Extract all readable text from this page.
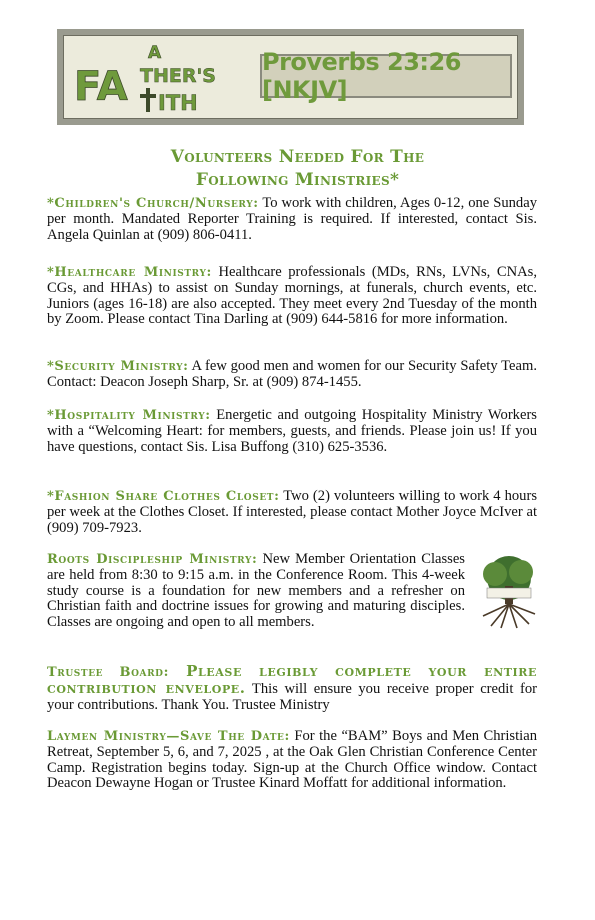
A
FA THER'S
ITH
Proverbs 23:26 [NKJV]
Volunteers Needed For The
Following Ministries*
*Children's Church/Nursery: To work with children, Ages 0-12, one Sunday per month. Mandated Reporter Training is required. If interested, contact Sis. Angela Quinlan at (909) 806-0411.
*Healthcare Ministry: Healthcare professionals (MDs, RNs, LVNs, CNAs, CGs, and HHAs) to assist on Sunday mornings, at funerals, church events, etc. Juniors (ages 16-18) are also accepted. They meet every 2nd Tuesday of the month by Zoom. Please contact Tina Darling at (909) 644-5816 for more information.
*Security Ministry: A few good men and women for our Security Safety Team. Contact: Deacon Joseph Sharp, Sr. at (909) 874-1455.
*Hospitality Ministry: Energetic and outgoing Hospitality Ministry Workers with a “Welcoming Heart: for members, guests, and friends. Please join us! If you have questions, contact Sis. Lisa Buffong (310) 625-3536.
*Fashion Share Clothes Closet: Two (2) volunteers willing to work 4 hours per week at the Clothes Closet. If interested, please contact Mother Joyce McIver at (909) 709-7923.
Roots Discipleship Ministry: New Member Orientation Classes are held from 8:30 to 9:15 a.m. in the Conference Room. This 4-week study course is a foundation for new members and a refresher on Christian faith and doctrine issues for growing and maturing disciples. Classes are ongoing and open to all members.
Trustee Board: Please legibly complete your entire contribution envelope. This will ensure you receive proper credit for your contributions. Thank You. Trustee Ministry
Laymen Ministry—Save The Date: For the “BAM” Boys and Men Christian Retreat, September 5, 6, and 7, 2025 , at the Oak Glen Christian Conference Center Camp. Registration begins today. Sign-up at the Church Office window. Contact Deacon Dewayne Hogan or Trustee Kinard Moffatt for additional information.
